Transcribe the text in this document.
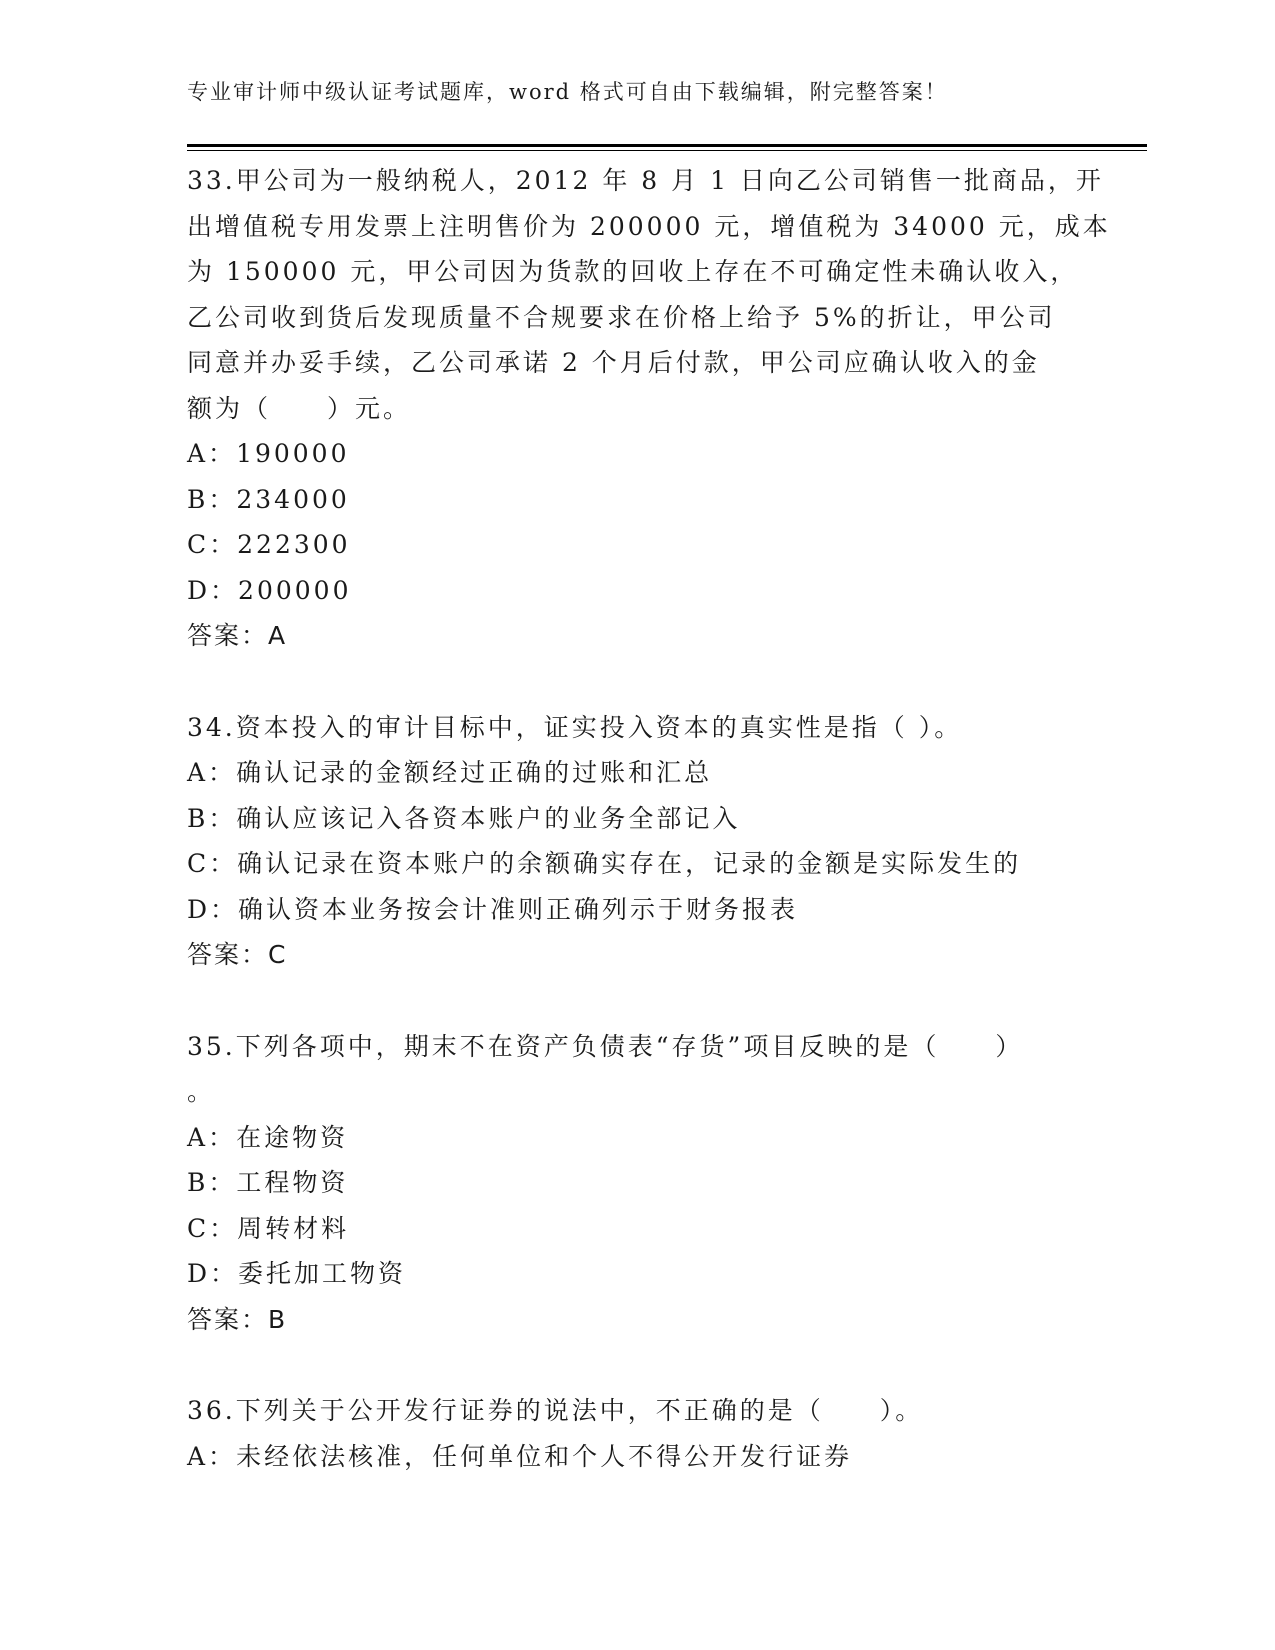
专业审计师中级认证考试题库，word 格式可自由下载编辑，附完整答案！
33.甲公司为一般纳税人，2012 年 8 月 1 日向乙公司销售一批商品，开
出增值税专用发票上注明售价为 200000 元，增值税为 34000 元，成本
为 150000 元，甲公司因为货款的回收上存在不可确定性未确认收入，
乙公司收到货后发现质量不合规要求在价格上给予 5%的折让，甲公司
同意并办妥手续，乙公司承诺 2 个月后付款，甲公司应确认收入的金
额为（　　）元。
A： 190000
B： 234000
C： 222300
D： 200000
答案：A
34.资本投入的审计目标中，证实投入资本的真实性是指（ ）。
A： 确认记录的金额经过正确的过账和汇总
B： 确认应该记入各资本账户的业务全部记入
C： 确认记录在资本账户的余额确实存在，记录的金额是实际发生的
D： 确认资本业务按会计准则正确列示于财务报表
答案：C
35.下列各项中，期末不在资产负债表“存货”项目反映的是（　　）
。
A： 在途物资
B： 工程物资
C： 周转材料
D： 委托加工物资
答案：B
36.下列关于公开发行证券的说法中，不正确的是（　　）。
A： 未经依法核准，任何单位和个人不得公开发行证券
